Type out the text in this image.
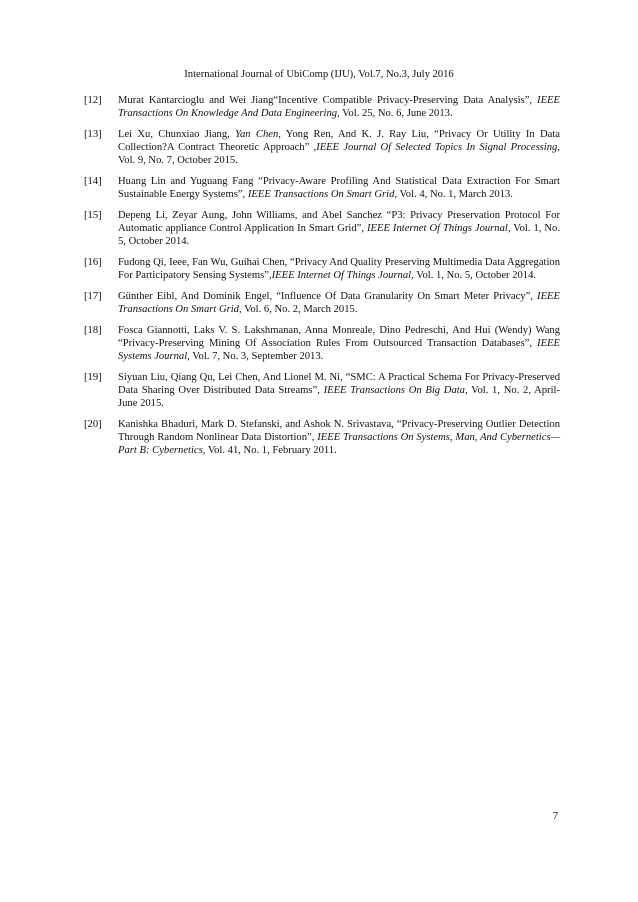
International Journal of UbiComp (IJU), Vol.7, No.3, July 2016
[12] Murat Kantarcioglu and Wei Jiang“Incentive Compatible Privacy-Preserving Data Analysis”, IEEE Transactions On Knowledge And Data Engineering, Vol. 25, No. 6, June 2013.
[13] Lei Xu, Chunxiao Jiang, Yan Chen, Yong Ren, And K. J. Ray Liu, “Privacy Or Utility In Data Collection?A Contract Theoretic Approach” ,IEEE Journal Of Selected Topics In Signal Processing, Vol. 9, No. 7, October 2015.
[14] Huang Lin and Yuguang Fang “Privacy-Aware Profiling And Statistical Data Extraction For Smart Sustainable Energy Systems”, IEEE Transactions On Smart Grid, Vol. 4, No. 1, March 2013.
[15] Depeng Li, Zeyar Aung, John Williams, and Abel Sanchez “P3: Privacy Preservation Protocol For Automatic appliance Control Application In Smart Grid”, IEEE Internet Of Things Journal, Vol. 1, No. 5, October 2014.
[16] Fudong Qi, Ieee, Fan Wu, Guihai Chen, “Privacy And Quality Preserving Multimedia Data Aggregation For Participatory Sensing Systems”,IEEE Internet Of Things Journal, Vol. 1, No. 5, October 2014.
[17] Günther Eibl, And Dominik Engel, “Influence Of Data Granularity On Smart Meter Privacy”, IEEE Transactions On Smart Grid, Vol. 6, No. 2, March 2015.
[18] Fosca Giannotti, Laks V. S. Lakshmanan, Anna Monreale, Dino Pedreschi, And Hui (Wendy) Wang “Privacy-Preserving Mining Of Association Rules From Outsourced Transaction Databases”, IEEE Systems Journal, Vol. 7, No. 3, September 2013.
[19] Siyuan Liu, Qiang Qu, Lei Chen, And Lionel M. Ni, “SMC: A Practical Schema For Privacy-Preserved Data Sharing Over Distributed Data Streams”, IEEE Transactions On Big Data, Vol. 1, No. 2, April-June 2015.
[20] Kanishka Bhaduri, Mark D. Stefanski, and Ashok N. Srivastava, “Privacy-Preserving Outlier Detection Through Random Nonlinear Data Distortion”, IEEE Transactions On Systems, Man, And Cybernetics—Part B: Cybernetics, Vol. 41, No. 1, February 2011.
7
